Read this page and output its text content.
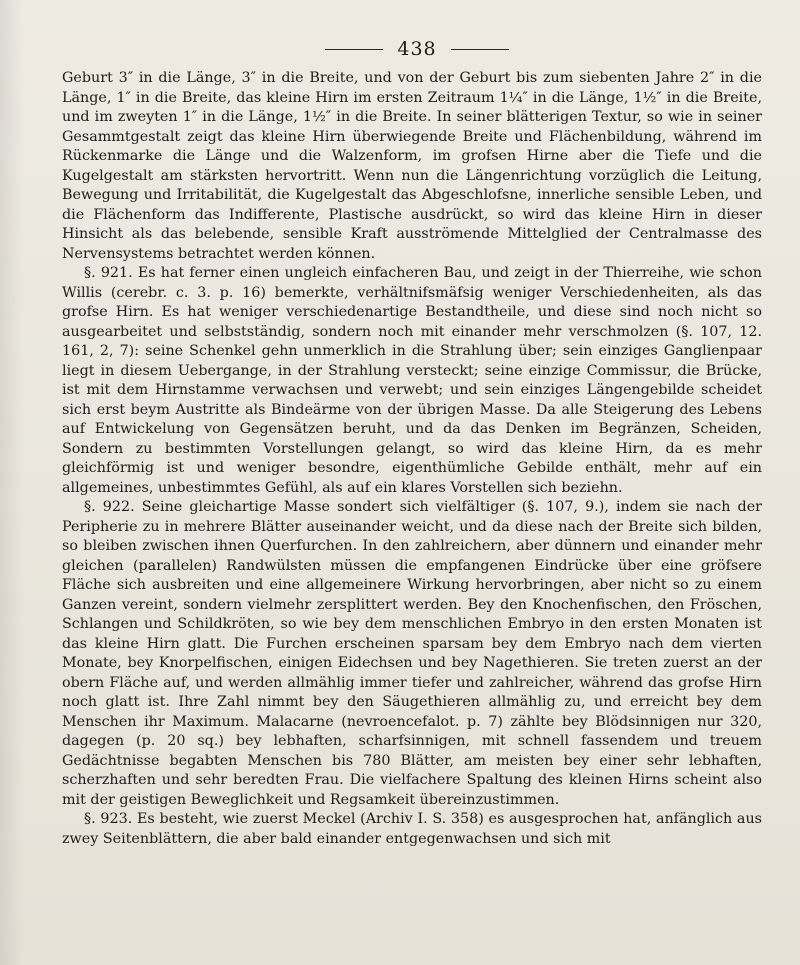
438

Geburt 3″ in die Länge, 3″ in die Breite, und von der Geburt bis zum siebenten Jahre 2″ in die Länge, 1″ in die Breite, das kleine Hirn im ersten Zeitraum 1¼″ in die Länge, 1½″ in die Breite, und im zweyten 1″ in die Länge, 1½″ in die Breite. In seiner blätterigen Textur, so wie in seiner Gesammtgestalt zeigt das kleine Hirn überwiegende Breite und Flächenbildung, während im Rückenmarke die Länge und die Walzenform, im grofsen Hirne aber die Tiefe und die Kugelgestalt am stärksten hervortritt. Wenn nun die Längenrichtung vorzüglich die Leitung, Bewegung und Irritabilität, die Kugelgestalt das Abgeschlofsne, innerliche sensible Leben, und die Flächenform das Indifferente, Plastische ausdrückt, so wird das kleine Hirn in dieser Hinsicht als das belebende, sensible Kraft ausströmende Mittelglied der Centralmasse des Nervensystems betrachtet werden können.

§. 921. Es hat ferner einen ungleich einfacheren Bau, und zeigt in der Thierreihe, wie schon Willis (cerebr. c. 3. p. 16) bemerkte, verhältnifsmäfsig weniger Verschiedenheiten, als das grofse Hirn. Es hat weniger verschiedenartige Bestandtheile, und diese sind noch nicht so ausgearbeitet und selbstständig, sondern noch mit einander mehr verschmolzen (§. 107, 12. 161, 2, 7): seine Schenkel gehn unmerklich in die Strahlung über; sein einziges Ganglienpaar liegt in diesem Uebergange, in der Strahlung versteckt; seine einzige Commissur, die Brücke, ist mit dem Hirnstamme verwachsen und verwebt; und sein einziges Längengebilde scheidet sich erst beym Austritte als Bindeärme von der übrigen Masse. Da alle Steigerung des Lebens auf Entwickelung von Gegensätzen beruht, und da das Denken im Begränzen, Scheiden, Sondern zu bestimmten Vorstellungen gelangt, so wird das kleine Hirn, da es mehr gleichförmig ist und weniger besondre, eigenthümliche Gebilde enthält, mehr auf ein allgemeines, unbestimmtes Gefühl, als auf ein klares Vorstellen sich beziehn.

§. 922. Seine gleichartige Masse sondert sich vielfältiger (§. 107, 9.), indem sie nach der Peripherie zu in mehrere Blätter auseinander weicht, und da diese nach der Breite sich bilden, so bleiben zwischen ihnen Querfurchen. In den zahlreichern, aber dünnern und einander mehr gleichen (parallelen) Randwülsten müssen die empfangenen Eindrücke über eine gröfsere Fläche sich ausbreiten und eine allgemeinere Wirkung hervorbringen, aber nicht so zu einem Ganzen vereint, sondern vielmehr zersplittert werden. Bey den Knochenfischen, den Fröschen, Schlangen und Schildkröten, so wie bey dem menschlichen Embryo in den ersten Monaten ist das kleine Hirn glatt. Die Furchen erscheinen sparsam bey dem Embryo nach dem vierten Monate, bey Knorpelfischen, einigen Eidechsen und bey Nagethieren. Sie treten zuerst an der obern Fläche auf, und werden allmählig immer tiefer und zahlreicher, während das grofse Hirn noch glatt ist. Ihre Zahl nimmt bey den Säugethieren allmählig zu, und erreicht bey dem Menschen ihr Maximum. Malacarne (nevroencefalot. p. 7) zählte bey Blödsinnigen nur 320, dagegen (p. 20 sq.) bey lebhaften, scharfsinnigen, mit schnell fassendem und treuem Gedächtnisse begabten Menschen bis 780 Blätter, am meisten bey einer sehr lebhaften, scherzhaften und sehr beredten Frau. Die vielfachere Spaltung des kleinen Hirns scheint also mit der geistigen Beweglichkeit und Regsamkeit übereinzustimmen.

§. 923. Es besteht, wie zuerst Meckel (Archiv I. S. 358) es ausgesprochen hat, anfänglich aus zwey Seitenblättern, die aber bald einander entgegenwachsen und sich mit
